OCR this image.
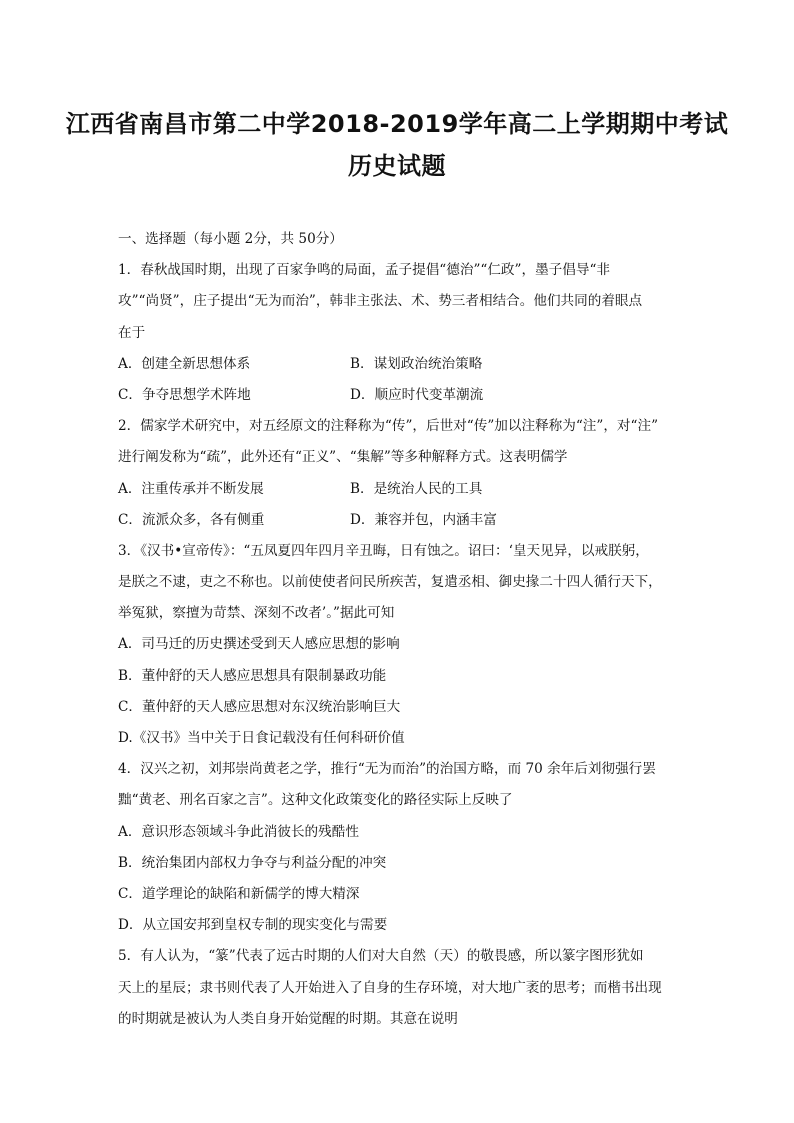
江西省南昌市第二中学2018-2019学年高二上学期期中考试
历史试题
一、选择题（每小题 2分，共 50分）
1．春秋战国时期，出现了百家争鸣的局面，孟子提倡“德治”“仁政”，墨子倡导“非
攻”“尚贤”，庄子提出“无为而治”，韩非主张法、术、势三者相结合。他们共同的着眼点
在于
A．创建全新思想体系	B．谋划政治统治策略
C．争夺思想学术阵地	D．顺应时代变革潮流
2．儒家学术研究中，对五经原文的注释称为“传”，后世对“传”加以注释称为“注”，对“注”
进行阐发称为“疏”，此外还有“正义”、“集解”等多种解释方式。这表明儒学
A．注重传承并不断发展	B．是统治人民的工具
C．流派众多，各有侧重	D．兼容并包，内涵丰富
3．《汉书•宣帝传》：“五凤夏四年四月辛丑晦，日有蚀之。诏曰：‘皇天见异，以戒朕躬，
是朕之不逮，吏之不称也。以前使使者问民所疾苦，复遣丞相、御史掾二十四人循行天下，
举冤狱，察擅为苛禁、深刻不改者’。”据此可知
A．司马迁的历史撰述受到天人感应思想的影响
B．董仲舒的天人感应思想具有限制暴政功能
C．董仲舒的天人感应思想对东汉统治影响巨大
D.《汉书》当中关于日食记载没有任何科研价值
4．汉兴之初，刘邦崇尚黄老之学，推行“无为而治”的治国方略，而 70 余年后刘彻强行罢
黜“黄老、刑名百家之言”。这种文化政策变化的路径实际上反映了
A．意识形态领域斗争此消彼长的残酷性
B．统治集团内部权力争夺与利益分配的冲突
C．道学理论的缺陷和新儒学的博大精深
D．从立国安邦到皇权专制的现实变化与需要
5．有人认为，“篆”代表了远古时期的人们对大自然（天）的敬畏感，所以篆字图形犹如
天上的星辰；隶书则代表了人开始进入了自身的生存环境，对大地广袤的思考；而楷书出现
的时期就是被认为人类自身开始觉醒的时期。其意在说明
